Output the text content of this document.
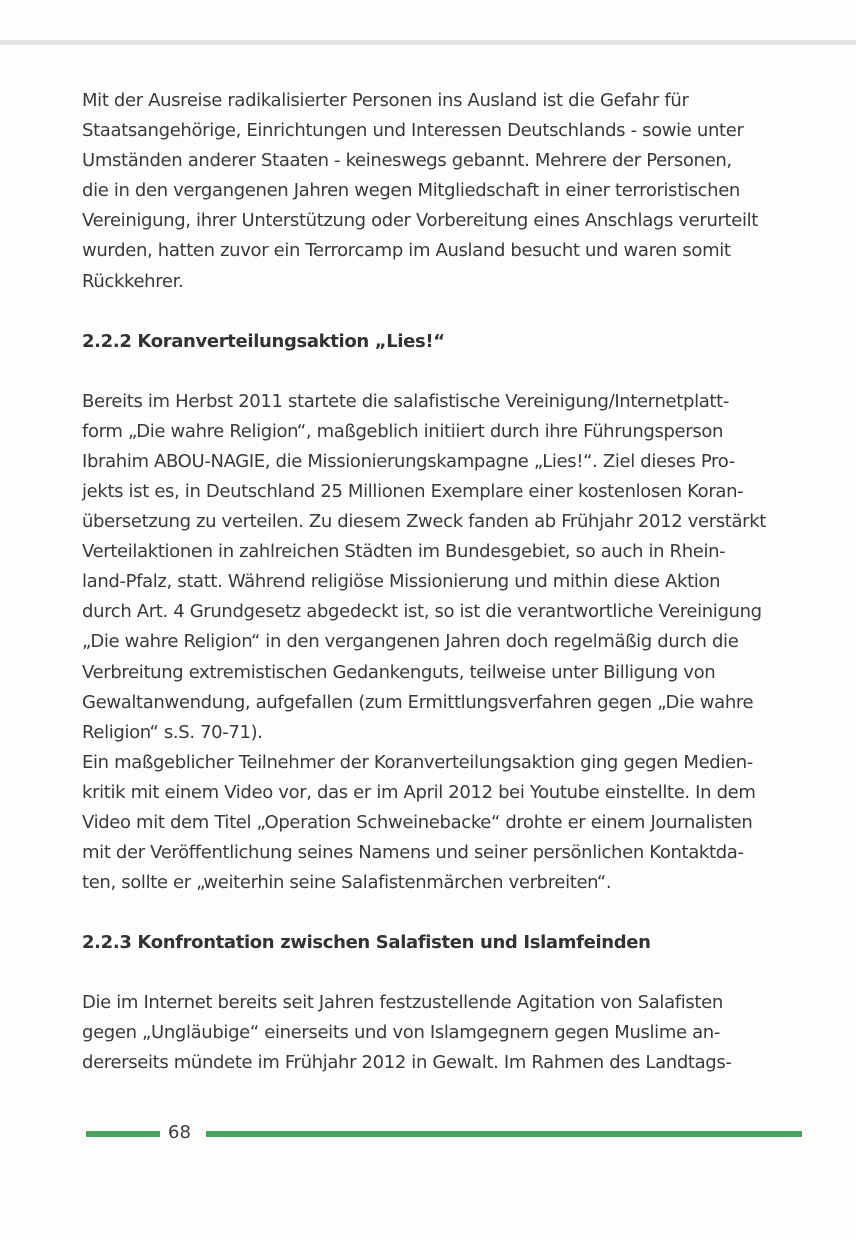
Mit der Ausreise radikalisierter Personen ins Ausland ist die Gefahr für
Staatsangehörige, Einrichtungen und Interessen Deutschlands - sowie unter
Umständen anderer Staaten - keineswegs gebannt. Mehrere der Personen,
die in den vergangenen Jahren wegen Mitgliedschaft in einer terroristischen
Vereinigung, ihrer Unterstützung oder Vorbereitung eines Anschlags verurteilt
wurden, hatten zuvor ein Terrorcamp im Ausland besucht und waren somit
Rückkehrer.
2.2.2 Koranverteilungsaktion „Lies!“
Bereits im Herbst 2011 startete die salafistische Vereinigung/Internetplatt-
form „Die wahre Religion“, maßgeblich initiiert durch ihre Führungsperson
Ibrahim ABOU-NAGIE, die Missionierungskampagne „Lies!“. Ziel dieses Pro-
jekts ist es, in Deutschland 25 Millionen Exemplare einer kostenlosen Koran-
übersetzung zu verteilen. Zu diesem Zweck fanden ab Frühjahr 2012 verstärkt
Verteilaktionen in zahlreichen Städten im Bundesgebiet, so auch in Rhein-
land-Pfalz, statt. Während religiöse Missionierung und mithin diese Aktion
durch Art. 4 Grundgesetz abgedeckt ist, so ist die verantwortliche Vereinigung
„Die wahre Religion“ in den vergangenen Jahren doch regelmäßig durch die
Verbreitung extremistischen Gedankenguts, teilweise unter Billigung von
Gewaltanwendung, aufgefallen (zum Ermittlungsverfahren gegen „Die wahre
Religion“ s.S. 70-71).
Ein maßgeblicher Teilnehmer der Koranverteilungsaktion ging gegen Medien-
kritik mit einem Video vor, das er im April 2012 bei Youtube einstellte. In dem
Video mit dem Titel „Operation Schweinebacke“ drohte er einem Journalisten
mit der Veröffentlichung seines Namens und seiner persönlichen Kontaktda-
ten, sollte er „weiterhin seine Salafistenmärchen verbreiten“.
2.2.3 Konfrontation zwischen Salafisten und Islamfeinden
Die im Internet bereits seit Jahren festzustellende Agitation von Salafisten
gegen „Ungläubige“ einerseits und von Islamgegnern gegen Muslime an-
dererseits mündete im Frühjahr 2012 in Gewalt. Im Rahmen des Landtags-
68
